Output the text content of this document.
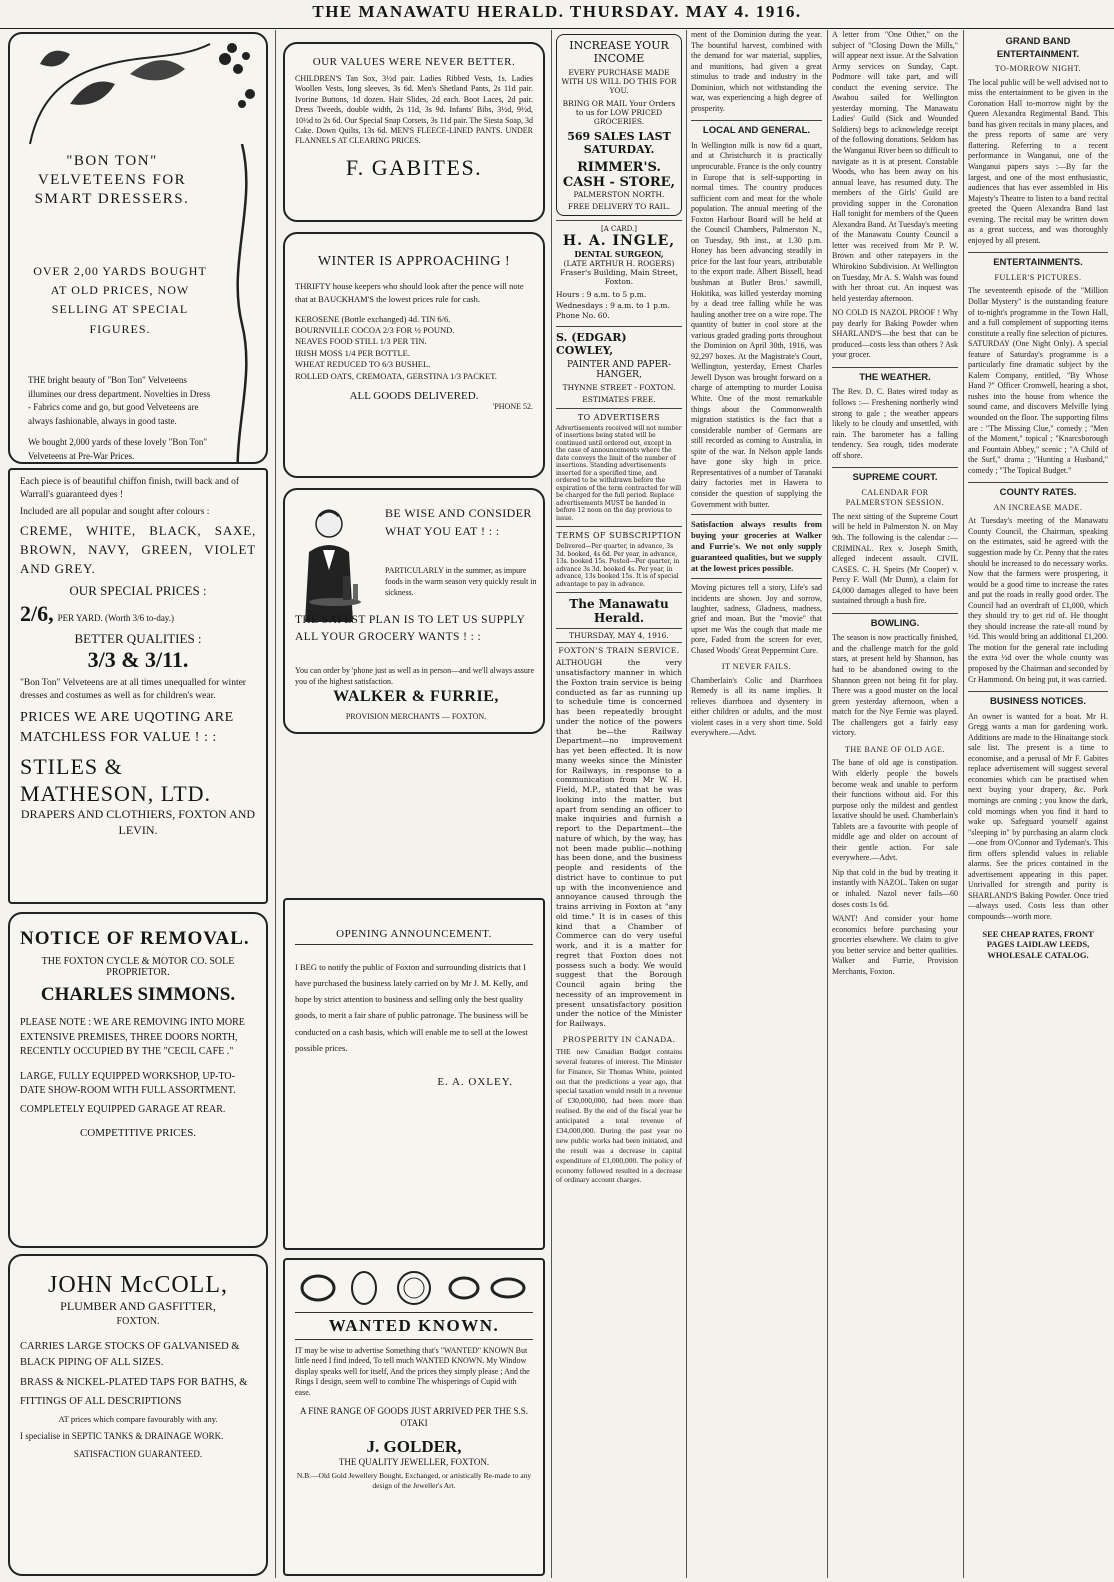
THE MANAWATU HERALD. THURSDAY. MAY 4. 1916.
"BON TON" VELVETEENS FOR SMART DRESSERS.
OVER 2,00 YARDS BOUGHT AT OLD PRICES, NOW SELLING AT SPECIAL FIGURES.
THE bright beauty of "Bon Ton" Velveteens illumines our dress department. Novelties in Dress - Fabrics come and go, but good Velveteens are always fashionable, always in good taste.
We bought 2,000 yards of these lovely "Bon Ton" Velveteens at Pre-War Prices.
Each piece is of beautiful chiffon finish, twill back and of Warrall's guaranteed dyes !
Included are all popular and sought after colours :
CREME, WHITE, BLACK, SAXE, BROWN, NAVY, GREEN, VIOLET AND GREY.
OUR SPECIAL PRICES :
2/6, PER YARD. (Worth 3/6 to-day.)
BETTER QUALITIES :
3/3 & 3/11.
"Bon Ton" Velveteens are at all times unequalled for winter dresses and costumes as well as for children's wear.
PRICES WE ARE UQOTING ARE MATCHLESS FOR VALUE ! : :
STILES & MATHESON, LTD.
DRAPERS AND CLOTHIERS, FOXTON AND LEVIN.
NOTICE OF REMOVAL.
THE FOXTON CYCLE & MOTOR CO. SOLE PROPRIETOR.
CHARLES SIMMONS.
PLEASE NOTE : WE ARE REMOVING INTO MORE EXTENSIVE PREMISES, THREE DOORS NORTH, RECENTLY OCCUPIED BY THE "CECIL CAFE ."
LARGE, FULLY EQUIPPED WORKSHOP, UP-TO-DATE SHOW-ROOM WITH FULL ASSORTMENT.
COMPLETELY EQUIPPED GARAGE AT REAR.
COMPETITIVE PRICES.
JOHN McCOLL,
PLUMBER AND GASFITTER,
FOXTON.
CARRIES LARGE STOCKS OF GALVANISED & BLACK PIPING OF ALL SIZES.
BRASS & NICKEL-PLATED TAPS FOR BATHS, &
FITTINGS OF ALL DESCRIPTIONS
AT prices which compare favourably with any.
I specialise in SEPTIC TANKS & DRAINAGE WORK.
SATISFACTION GUARANTEED.
OUR VALUES WERE NEVER BETTER.
CHILDREN'S Tan Sox, 3½d pair. Ladies Ribbed Vests, 1s. Ladies Woollen Vests, long sleeves, 3s 6d. Men's Shetland Pants, 2s 11d pair. Ivorine Buttons, 1d dozen. Hair Slides, 2d each. Boot Laces, 2d pair. Dress Tweeds, double width, 2s 11d, 3s 9d. Infants' Bibs, 3½d, 9½d, 10½d to 2s 6d. Our Special Snap Corsets, 3s 11d pair. The Siesta Soap, 3d Cake. Down Quilts, 13s 6d. MEN'S FLEECE-LINED PANTS. UNDER FLANNELS AT CLEARING PRICES.
F. GABITES.
WINTER IS APPROACHING !
THRIFTY house keepers who should look after the pence will note that at BAUCKHAM'S the lowest prices rule for cash.
KEROSENE (Bottle exchanged) 4d. TIN 6/6.
BOURNVILLE COCOA 2/3 FOR ½ POUND.
NEAVES FOOD STILL 1/3 PER TIN.
IRISH MOSS 1/4 PER BOTTLE.
WHEAT REDUCED TO 6/3 BUSHEL.
ROLLED OATS, CREMOATA, GERSTINA 1/3 PACKET.
ALL GOODS DELIVERED.
'PHONE 52.
BE WISE AND CONSIDER WHAT YOU EAT ! : :
PARTICULARLY in the summer, as impure foods in the warm season very quickly result in sickness.
THE SAFEST PLAN IS TO LET US SUPPLY ALL YOUR GROCERY WANTS ! : :
You can order by 'phone just as well as in person—and we'll always assure you of the highest satisfaction.
WALKER & FURRIE,
PROVISION MERCHANTS — FOXTON.
OPENING ANNOUNCEMENT.
I BEG to notify the public of Foxton and surrounding districts that I have purchased the business lately carried on by Mr J. M. Kelly, and hope by strict attention to business and selling only the best quality goods, to merit a fair share of public patronage. The business will be conducted on a cash basis, which will enable me to sell at the lowest possible prices.
E. A. OXLEY.
WANTED KNOWN.
IT may be wise to advertise Something that's "WANTED" KNOWN But little need I find indeed, To tell much WANTED KNOWN. My Window display speaks well for itself, And the prices they simply please ; And the Rings I design, seem well to combine The whisperings of Cupid with ease.
A FINE RANGE OF GOODS JUST ARRIVED PER THE S.S. OTAKI
J. GOLDER,
THE QUALITY JEWELLER, FOXTON.
N.B.—Old Gold Jewellery Bought, Exchanged, or artistically Re-made to any design of the Jeweller's Art.
INCREASE YOUR INCOME
EVERY PURCHASE MADE WITH US WILL DO THIS FOR YOU.
BRING OR MAIL Your Orders to us for LOW PRICED GROCERIES.
569 SALES LAST SATURDAY.
RIMMER'S. CASH - STORE,
PALMERSTON NORTH.
FREE DELIVERY TO RAIL.
[A CARD.]
H. A. INGLE,
DENTAL SURGEON,
(LATE ARTHUR H. ROGERS)
Fraser's Building, Main Street, Foxton.
Hours : 9 a.m. to 5 p.m. Wednesdays : 9 a.m. to 1 p.m. Phone No. 60.
S. (EDGAR) COWLEY,
PAINTER AND PAPER-HANGER,
THYNNE STREET - FOXTON.
ESTIMATES FREE.
TO ADVERTISERS
Advertisements received will not number of insertions being stated will be continued until ordered out, except in the case of announcements where the date conveys the limit of the number of insertions. Standing advertisements inserted for a specified time, and ordered to be withdrawn before the expiration of the term contracted for will be charged for the full period. Replace advertisements MUST be handed in before 12 noon on the day previous to issue.
TERMS OF SUBSCRIPTION
Delivered—Per quarter, in advance, 3s 3d. booked, 4s 6d. Per year, in advance, 13s. booked 15s. Posted—Per quarter, in advance 3s 3d. booked 4s. Per year, in advance, 13s booked 15s. It is of special advantage to pay in advance.
The Manawatu Herald.
THURSDAY, MAY 4, 1916.
FOXTON'S TRAIN SERVICE.
ALTHOUGH the very unsatisfactory manner in which the Foxton train service is being conducted as far as running up to schedule time is concerned has been repeatedly brought under the notice of the powers that be—the Railway Department—no improvement has yet been effected. It is now many weeks since the Minister for Railways, in response to a communication from Mr W. H. Field, M.P., stated that he was looking into the matter, but apart from sending an officer to make inquiries and furnish a report to the Department—the nature of which, by the way, has not been made public—nothing has been done, and the business people and residents of the district have to continue to put up with the inconvenience and annoyance caused through the trains arriving in Foxton at "any old time." It is in cases of this kind that a Chamber of Commerce can do very useful work, and it is a matter for regret that Foxton does not possess such a body. We would suggest that the Borough Council again bring the necessity of an improvement in present unsatisfactory position under the notice of the Minister for Railways.
PROSPERITY IN CANADA.
THE new Canadian Budget contains several features of interest. The Minister for Finance, Sir Thomas White, pointed out that the predictions a year ago, that special taxation would result in a revenue of £30,000,000, had been more than realised. By the end of the fiscal year he anticipated a total revenue of £34,000,000. During the past year no new public works had been initiated, and the result was a decrease in capital expenditure of £1,000,000. The policy of economy followed resulted in a decrease of ordinary account charges.
ment of the Dominion during the year. The bountiful harvest, combined with the demand for war material, supplies, and munitions, had given a great stimulus to trade and industry in the Dominion, which not withstanding the war, was experiencing a high degree of prosperity.
LOCAL AND GENERAL.
In Wellington milk is now 6d a quart, and at Christchurch it is practically unprocurable. France is the only country in Europe that is self-supporting in normal times. The country produces sufficient corn and meat for the whole population. The annual meeting of the Foxton Harbour Board will be held at the Council Chambers, Palmerston N., on Tuesday, 9th inst., at 1.30 p.m. Honey has been advancing steadily in price for the last four years, attributable to the export trade. Albert Bissell, head bushman at Butler Bros.' sawmill, Hokitika, was killed yesterday morning by a dead tree falling while he was hauling another tree on a wire rope. The quantity of butter in cool store at the various graded grading ports throughout the Dominion on April 30th, 1916, was 92,297 boxes. At the Magistrate's Court, Wellington, yesterday, Ernest Charles Jewell Dyson was brought forward on a charge of attempting to murder Louisa White. One of the most remarkable things about the Commonwealth migration statistics is the fact that a considerable number of Germans are still recorded as coming to Australia, in spite of the war. In Nelson apple lands have gone sky high in price. Representatives of a number of Taranaki dairy factories met in Hawera to consider the question of supplying the Government with butter.
Satisfaction always results from buying your groceries at Walker and Furrie's. We not only supply guaranteed qualities, but we supply at the lowest prices possible.
Moving pictures tell a story, Life's sad incidents are shown. Joy and sorrow, laughter, sadness, Gladness, madness, grief and moan. But the "movie" that upset me Was the cough that made me pore, Faded from the screen for ever, Chased Woods' Great Peppermint Cure.
IT NEVER FAILS.
Chamberlain's Colic and Diarrhoea Remedy is all its name implies. It relieves diarrhoea and dysentery in either children or adults, and the most violent cases in a very short time. Sold everywhere.—Advt.
A letter from "One Other," on the subject of "Closing Down the Mills," will appear next issue. At the Salvation Army services on Sunday, Capt. Podmore will take part, and will conduct the evening service. The Awahou sailed for Wellington yesterday morning. The Manawatu Ladies' Guild (Sick and Wounded Soldiers) begs to acknowledge receipt of the following donations. Seldom has the Wanganui River been so difficult to navigate as it is at present. Constable Woods, who has been away on his annual leave, has resumed duty. The members of the Girls' Guild are providing supper in the Coronation Hall tonight for members of the Queen Alexandra Band. At Tuesday's meeting of the Manawatu County Council a letter was received from Mr P. W. Brown and other ratepayers in the Whirokino Subdivision. At Wellington on Tuesday, Mr A. S. Walsh was found with her throat cut. An inquest was held yesterday afternoon.
NO COLD IS NAZOL PROOF ! Why pay dearly for Baking Powder when SHARLAND'S—the best that can be produced—costs less than others ? Ask your grocer.
THE WEATHER.
The Rev. D. C. Bates wired today as follows :— Freshening northerly wind strong to gale ; the weather appears likely to be cloudy and unsettled, with rain. The barometer has a falling tendency. Sea rough, tides moderate off shore.
SUPREME COURT.
CALENDAR FOR PALMERSTON SESSION.
The next sitting of the Supreme Court will be held in Palmerston N. on May 9th. The following is the calendar :— CRIMINAL. Rex v. Joseph Smith, alleged indecent assault. CIVIL CASES. C. H. Speirs (Mr Cooper) v. Percy F. Wall (Mr Dunn), a claim for £4,000 damages alleged to have been sustained through a bush fire.
BOWLING.
The season is now practically finished, and the challenge match for the gold stars, at present held by Shannon, has had to be abandoned owing to the Shannon green not being fit for play. There was a good muster on the local green yesterday afternoon, when a match for the Nye Fernie was played. The challengers got a fairly easy victory.
THE BANE OF OLD AGE.
The bane of old age is constipation. With elderly people the bowels become weak and unable to perform their functions without aid. For this purpose only the mildest and gentlest laxative should be used. Chamberlain's Tablets are a favourite with people of middle age and older on account of their gentle action. For sale everywhere.—Advt.
Nip that cold in the bud by treating it instantly with NAZOL. Taken on sugar or inhaled. Nazol never fails—60 doses costs 1s 6d.
WANT! And consider your home economics before purchasing your groceries elsewhere. We claim to give you better service and better qualities. Walker and Furrie, Provision Merchants, Foxton.
GRAND BAND ENTERTAINMENT.
TO-MORROW NIGHT.
The local public will be well advised not to miss the entertainment to be given in the Coronation Hall to-morrow night by the Queen Alexandra Regimental Band. This band has given recitals in many places, and the press reports of same are very flattering. Referring to a recent performance in Wanganui, one of the Wanganui papers says :—By far the largest, and one of the most enthusiastic, audiences that has ever assembled in His Majesty's Theatre to listen to a band recital greeted the Queen Alexandra Band last evening. The recital may be written down as a great success, and was thoroughly enjoyed by all present.
ENTERTAINMENTS.
FULLER'S PICTURES.
The seventeenth episode of the "Million Dollar Mystery" is the outstanding feature of to-night's programme in the Town Hall, and a full complement of supporting items constitute a really fine selection of pictures. SATURDAY (One Night Only). A special feature of Saturday's programme is a particularly fine dramatic subject by the Kalem Company, entitled, "By Whose Hand ?" Officer Cromwell, hearing a shot, rushes into the house from whence the sound came, and discovers Melville lying wounded on the floor. The supporting films are : "The Missing Clue," comedy ; "Men of the Moment," topical ; "Knarcsborough and Fountain Abbey," scenic ; "A Child of the Surf," drama ; "Hunting a Husband," comedy ; "The Topical Budget."
COUNTY RATES.
AN INCREASE MADE.
At Tuesday's meeting of the Manawatu County Council, the Chairman, speaking on the estimates, said he agreed with the suggestion made by Cr. Penny that the rates should be increased to do necessary works. Now that the farmers were prospering, it would be a good time to increase the rates and put the roads in really good order. The Council had an overdraft of £1,000, which they should try to get rid of. He thought they should increase the rate-all round by ½d. This would bring an additional £1,200. The motion for the general rate including the extra ½d over the whole county was proposed by the Chairman and seconded by Cr Hammond. On being put, it was carried.
BUSINESS NOTICES.
An owner is wanted for a boat. Mr H. Gregg wants a man for gardening work. Additions are made to the Hinaitange stock sale list. The present is a time to economise, and a perusal of Mr F. Gabites replace advertisement will suggest several economies which can be practised when next buying your drapery, &c. Pork mornings are coming ; you know the dark, cold mornings when you find it hard to wake up. Safeguard yourself against "sleeping in" by purchasing an alarm clock—one from O'Connor and Tydeman's. This firm offers splendid values in reliable alarms. See the prices contained in the advertisement appearing in this paper. Unrivalled for strength and purity is SHARLAND'S Baking Powder. Once tried—always used. Costs less than other compounds—worth more.
SEE CHEAP RATES, FRONT PAGES LAIDLAW LEEDS, WHOLESALE CATALOG.
